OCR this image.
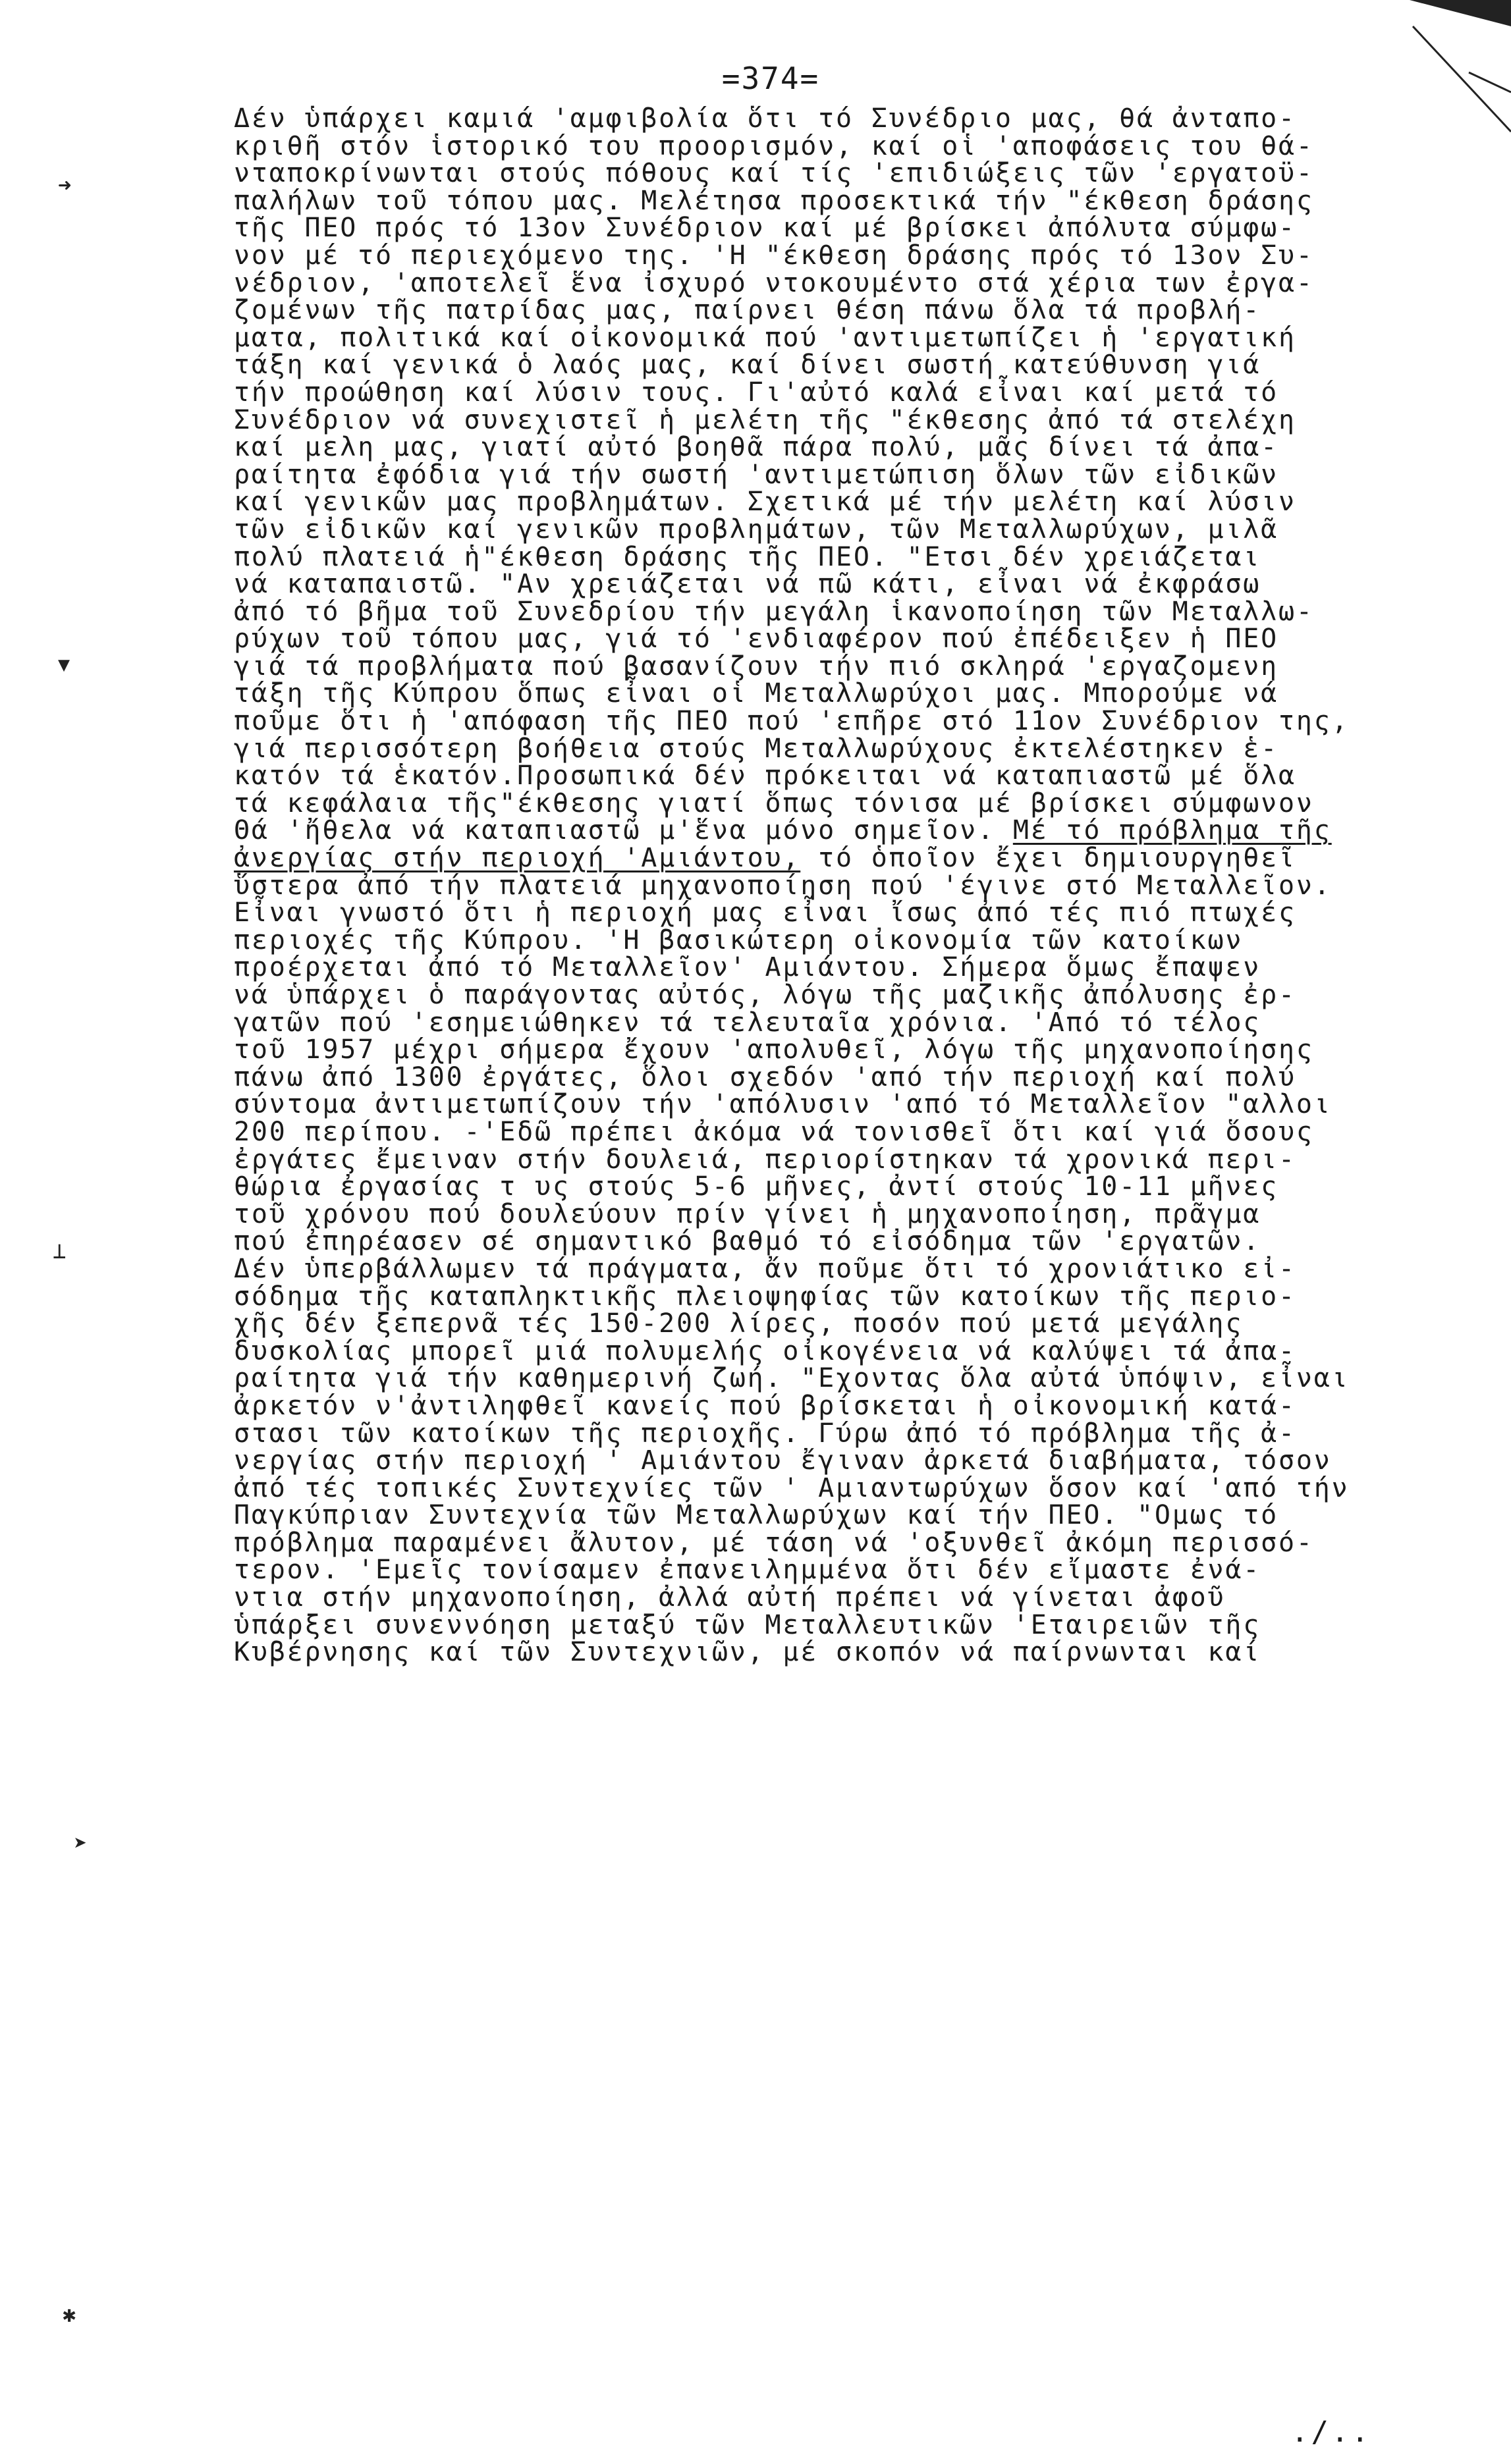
=374=
➜
▼
⊥
➤
✱
Δέν ὑπάρχει καμιά 'αμφιβολία ὅτι τό Συνέδριο μας, θά ἀνταπο-
κριθῆ στόν ἱστορικό του προορισμόν, καί οἱ 'αποφάσεις του θά-
νταποκρίνωνται στούς πόθους καί τίς 'επιδιώξεις τῶν 'εργατοϋ-
παλήλων τοῦ τόπου μας. Μελέτησα προσεκτικά τήν "έκθεση δράσης
τῆς ΠΕΟ πρός τό 13ον Συνέδριον καί μέ βρίσκει ἀπόλυτα σύμφω-
νον μέ τό περιεχόμενο της. 'Η "έκθεση δράσης πρός τό 13ον Συ-
νέδριον, 'αποτελεῖ ἕνα ἰσχυρό ντοκουμέντο στά χέρια των ἐργα-
ζομένων τῆς πατρίδας μας, παίρνει θέση πάνω ὅλα τά προβλή-
ματα, πολιτικά καί οἰκονομικά πού 'αντιμετωπίζει ἡ 'εργατική
τάξη καί γενικά ὁ λαός μας, καί δίνει σωστή κατεύθυνση γιά
τήν προώθηση καί λύσιν τους. Γι'αὐτό καλά εἶναι καί μετά τό
Συνέδριον νά συνεχιστεῖ ἡ μελέτη τῆς "έκθεσης ἀπό τά στελέχη
καί μελη μας, γιατί αὐτό βοηθᾶ πάρα πολύ, μᾶς δίνει τά ἀπα-
ραίτητα ἐφόδια γιά τήν σωστή 'αντιμετώπιση ὅλων τῶν εἰδικῶν
καί γενικῶν μας προβλημάτων. Σχετικά μέ τήν μελέτη καί λύσιν
τῶν εἰδικῶν καί γενικῶν προβλημάτων, τῶν Μεταλλωρύχων, μιλᾶ
πολύ πλατειά ἡ"έκθεση δράσης τῆς ΠΕΟ. "Ετσι δέν χρειάζεται
νά καταπαιστῶ. "Αν χρειάζεται νά πῶ κάτι, εἶναι νά ἐκφράσω
ἀπό τό βῆμα τοῦ Συνεδρίου τήν μεγάλη ἱκανοποίηση τῶν Μεταλλω-
ρύχων τοῦ τόπου μας, γιά τό 'ενδιαφέρον πού ἐπέδειξεν ἡ ΠΕΟ
γιά τά προβλήματα πού βασανίζουν τήν πιό σκληρά 'εργαζομενη
τάξη τῆς Κύπρου ὅπως εἶναι οἱ Μεταλλωρύχοι μας. Μπορούμε νά
ποῦμε ὅτι ἡ 'απόφαση τῆς ΠΕΟ πού 'επῆρε στό 11ον Συνέδριον της,
γιά περισσότερη βοήθεια στούς Μεταλλωρύχους ἐκτελέστηκεν ἑ-
κατόν τά ἑκατόν.Προσωπικά δέν πρόκειται νά καταπιαστῶ μέ ὅλα
τά κεφάλαια τῆς"έκθεσης γιατί ὅπως τόνισα μέ βρίσκει σύμφωνον
Θά 'ἤθελα νά καταπιαστῶ μ'ἕνα μόνο σημεῖον. Μέ τό πρόβλημα τῆς
ἀνεργίας στήν περιοχή 'Αμιάντου, τό ὁποῖον ἔχει δημιουργηθεῖ
ὕστερα ἀπό τήν πλατειά μηχανοποίηση πού 'έγινε στό Μεταλλεῖον.
Εἶναι γνωστό ὅτι ἡ περιοχή μας εἶναι ἴσως ἀπό τές πιό πτωχές
περιοχές τῆς Κύπρου. 'Η βασικώτερη οἰκονομία τῶν κατοίκων
προέρχεται ἀπό τό Μεταλλεῖον' Αμιάντου. Σήμερα ὅμως ἔπαψεν
νά ὑπάρχει ὁ παράγοντας αὐτός, λόγω τῆς μαζικῆς ἀπόλυσης ἐρ-
γατῶν πού 'εσημειώθηκεν τά τελευταῖα χρόνια. 'Από τό τέλος
τοῦ 1957 μέχρι σήμερα ἔχουν 'απολυθεῖ, λόγω τῆς μηχανοποίησης
πάνω ἀπό 1300 ἐργάτες, ὅλοι σχεδόν 'από τήν περιοχή καί πολύ
σύντομα ἀντιμετωπίζουν τήν 'απόλυσιν 'από τό Μεταλλεῖον "αλλοι
200 περίπου. -'Εδῶ πρέπει ἀκόμα νά τονισθεῖ ὅτι καί γιά ὅσους
ἐργάτες ἔμειναν στήν δουλειά, περιορίστηκαν τά χρονικά περι-
θώρια ἐργασίας τ υς στούς 5-6 μῆνες, ἀντί στούς 10-11 μῆνες
τοῦ χρόνου πού δουλεύουν πρίν γίνει ἡ μηχανοποίηση, πρᾶγμα
πού ἐπηρέασεν σέ σημαντικό βαθμό τό εἰσόδημα τῶν 'εργατῶν.
Δέν ὑπερβάλλωμεν τά πράγματα, ἄν ποῦμε ὅτι τό χρονιάτικο εἰ-
σόδημα τῆς καταπληκτικῆς πλειοψηφίας τῶν κατοίκων τῆς περιο-
χῆς δέν ξεπερνᾶ τές 150-200 λίρες, ποσόν πού μετά μεγάλης
δυσκολίας μπορεῖ μιά πολυμελής οἰκογένεια νά καλύψει τά ἀπα-
ραίτητα γιά τήν καθημερινή ζωή. "Εχοντας ὅλα αὐτά ὑπόψιν, εἶναι
ἀρκετόν ν'ἀντιληφθεῖ κανείς πού βρίσκεται ἡ οἰκονομική κατά-
στασι τῶν κατοίκων τῆς περιοχῆς. Γύρω ἀπό τό πρόβλημα τῆς ἀ-
νεργίας στήν περιοχή ' Αμιάντου ἔγιναν ἀρκετά διαβήματα, τόσον
ἀπό τές τοπικές Συντεχνίες τῶν ' Αμιαντωρύχων ὅσον καί 'από τήν
Παγκύπριαν Συντεχνία τῶν Μεταλλωρύχων καί τήν ΠΕΟ. "Ομως τό
πρόβλημα παραμένει ἄλυτον, μέ τάση νά 'οξυνθεῖ ἀκόμη περισσό-
τερον. 'Εμεῖς τονίσαμεν ἐπανειλημμένα ὅτι δέν εἴμαστε ἐνά-
ντια στήν μηχανοποίηση, ἀλλά αὐτή πρέπει νά γίνεται ἀφοῦ
ὑπάρξει συνεννόηση μεταξύ τῶν Μεταλλευτικῶν 'Εταιρειῶν τῆς
Κυβέρνησης καί τῶν Συντεχνιῶν, μέ σκοπόν νά παίρνωνται καί
./..
